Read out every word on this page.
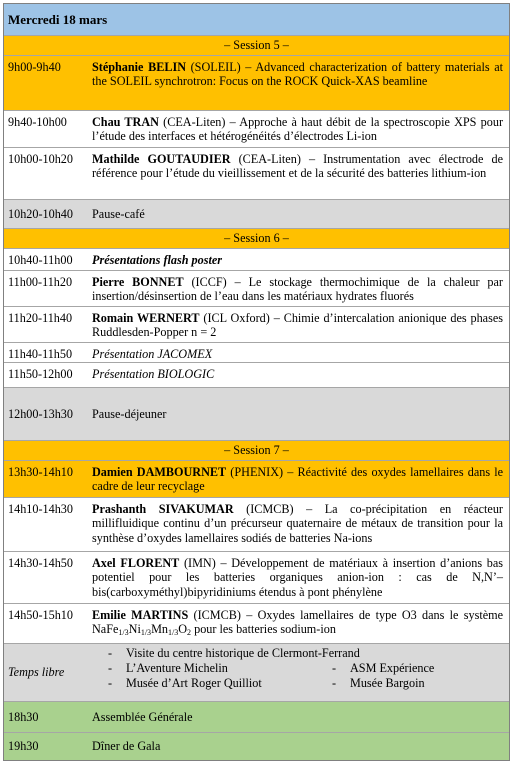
Mercredi 18 mars
– Session 5 –
9h00-9h40	Stéphanie BELIN (SOLEIL) – Advanced characterization of battery materials at the SOLEIL synchrotron: Focus on the ROCK Quick-XAS beamline
9h40-10h00	Chau TRAN (CEA-Liten) – Approche à haut débit de la spectroscopie XPS pour l’étude des interfaces et hétérogénéités d’électrodes Li-ion
10h00-10h20	Mathilde GOUTAUDIER (CEA-Liten) – Instrumentation avec électrode de référence pour l’étude du vieillissement et de la sécurité des batteries lithium-ion
10h20-10h40	Pause-café
– Session 6 –
10h40-11h00	Présentations flash poster
11h00-11h20	Pierre BONNET (ICCF) – Le stockage thermochimique de la chaleur par insertion/désinsertion de l’eau dans les matériaux hydrates fluorés
11h20-11h40	Romain WERNERT (ICL Oxford) – Chimie d’intercalation anionique des phases Ruddlesden-Popper n = 2
11h40-11h50	Présentation JACOMEX
11h50-12h00	Présentation BIOLOGIC
12h00-13h30	Pause-déjeuner
– Session 7 –
13h30-14h10	Damien DAMBOURNET (PHENIX) – Réactivité des oxydes lamellaires dans le cadre de leur recyclage
14h10-14h30	Prashanth SIVAKUMAR (ICMCB) – La co-précipitation en réacteur millifluidique continu d’un précurseur quaternaire de métaux de transition pour la synthèse d’oxydes lamellaires sodiés de batteries Na-ions
14h30-14h50	Axel FLORENT (IMN) – Développement de matériaux à insertion d’anions bas potentiel pour les batteries organiques anion-ion : cas de N,N’–bis(carboxyméthyl)bipyridiniums étendus à pont phénylène
14h50-15h10	Emilie MARTINS (ICMCB) – Oxydes lamellaires de type O3 dans le système $NaFe_{1/3}Ni_{1/3}Mn_{1/3}O_2$ pour les batteries sodium-ion
Temps libre
-	Visite du centre historique de Clermont-Ferrand
-	L’Aventure Michelin
-	Musée d’Art Roger Quilliot
-	ASM Expérience
-	Musée Bargoin
18h30	Assemblée Générale
19h30	Dîner de Gala
